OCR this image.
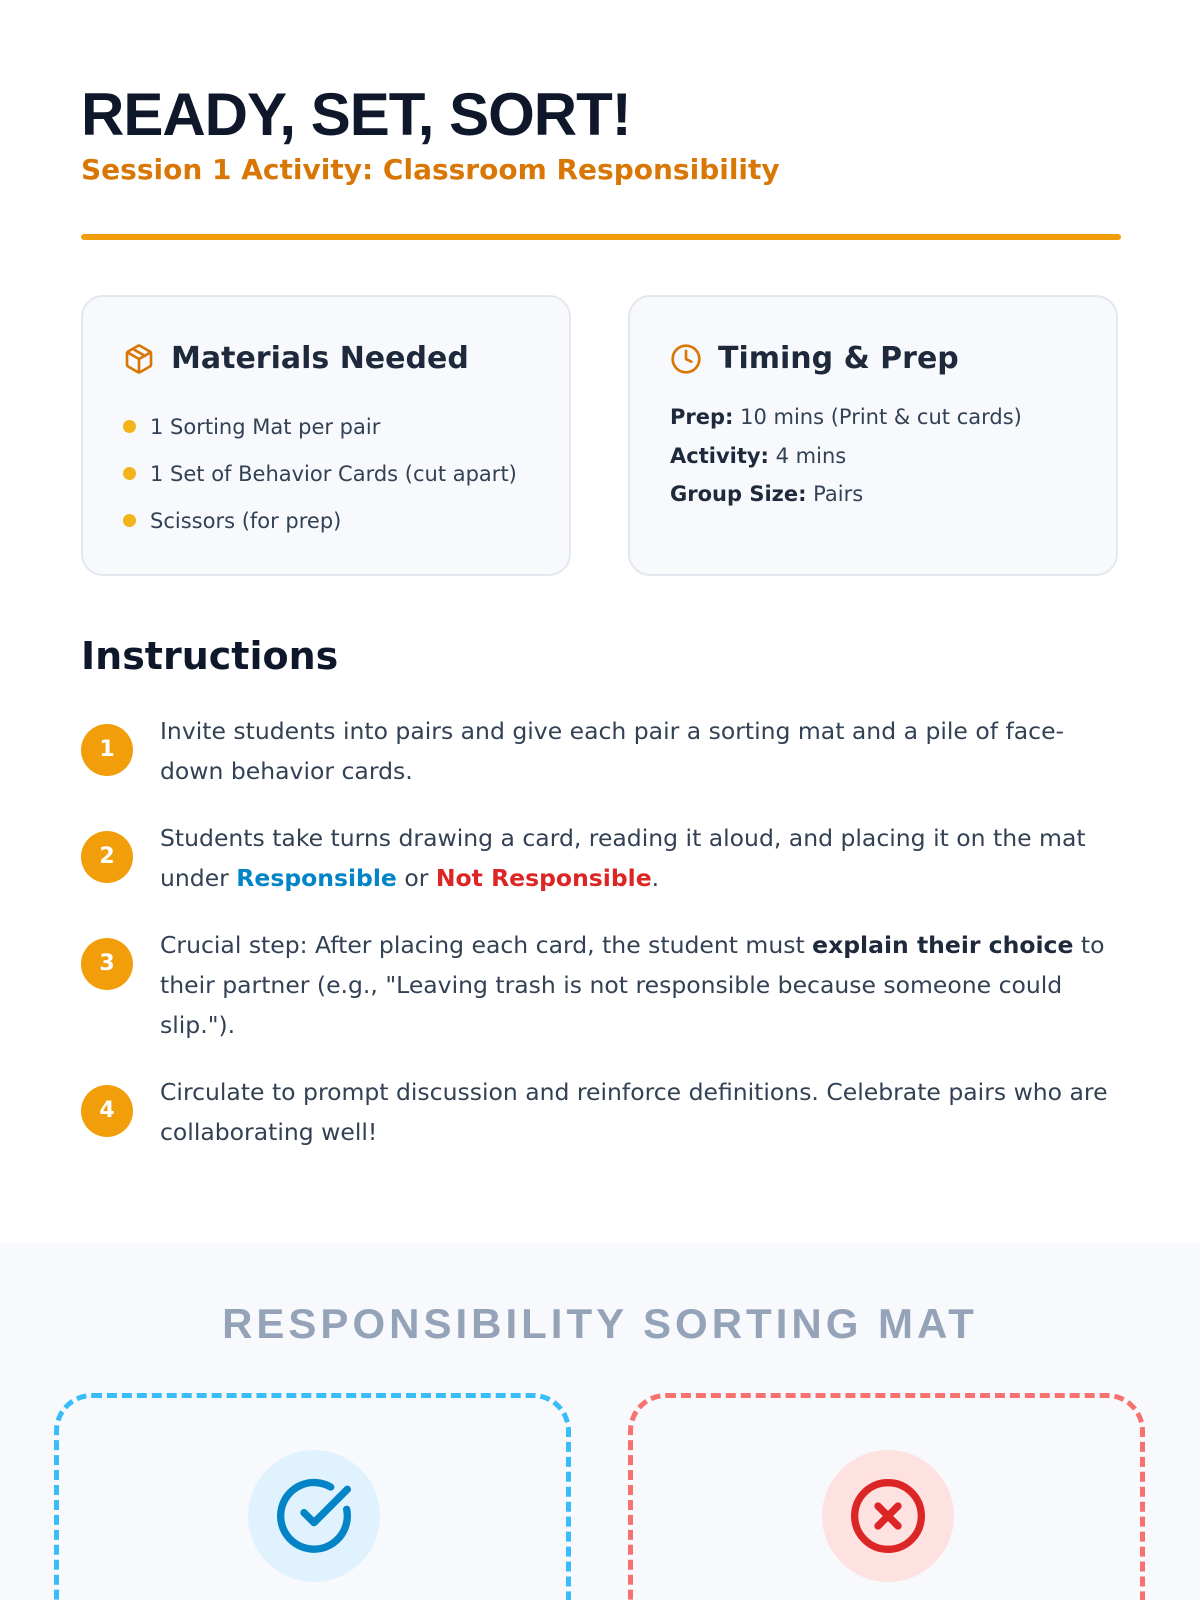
READY, SET, SORT!
Session 1 Activity: Classroom Responsibility
Materials Needed
1 Sorting Mat per pair
1 Set of Behavior Cards (cut apart)
Scissors (for prep)
Timing & Prep
Prep: 10 mins (Print & cut cards)
Activity: 4 mins
Group Size: Pairs
Instructions
1
Invite students into pairs and give each pair a sorting mat and a pile of face-down behavior cards.
2
Students take turns drawing a card, reading it aloud, and placing it on the mat under Responsible or Not Responsible.
3
Crucial step: After placing each card, the student must explain their choice to their partner (e.g., "Leaving trash is not responsible because someone could slip.").
4
Circulate to prompt discussion and reinforce definitions. Celebrate pairs who are collaborating well!
RESPONSIBILITY SORTING MAT
